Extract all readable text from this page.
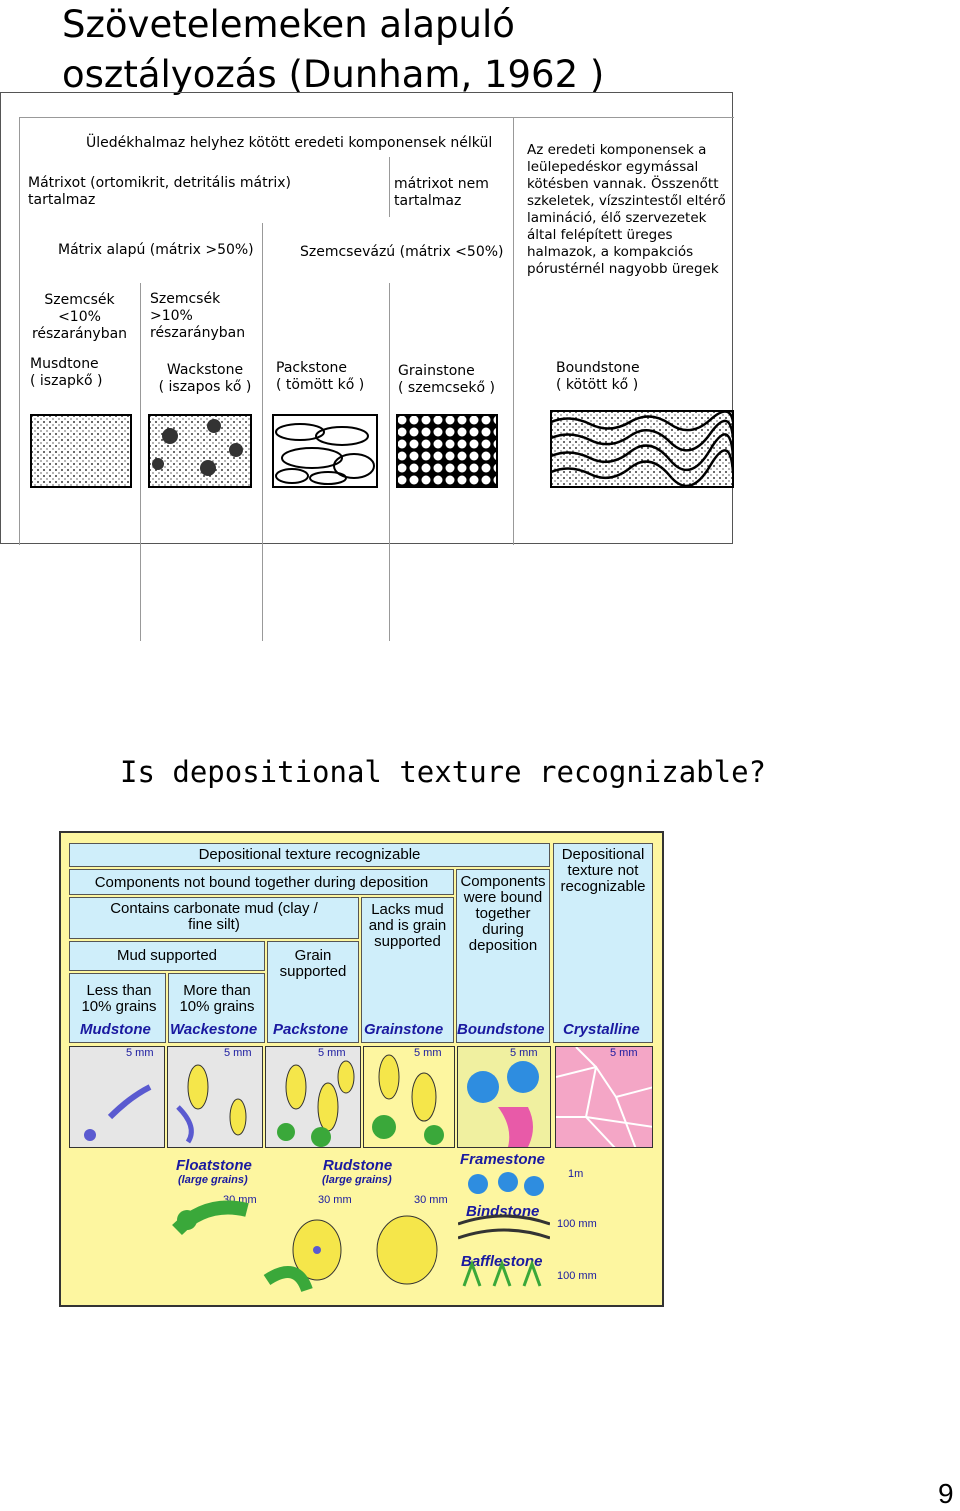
Szövetelemeken alapuló
osztályozás (Dunham, 1962 )
Üledékhalmaz helyhez kötött eredeti komponensek nélkül
Mátrixot (ortomikrit, detritális mátrix) tartalmaz
mátrixot nem tartalmaz
Az eredeti komponensek a leülepedéskor egymással kötésben vannak. Összenőtt szkeletek, vízszintestől eltérő lamináció, élő szervezetek által felépített üreges halmazok, a kompakciós pórustérnél nagyobb üregek
Mátrix alapú (mátrix >50%)	Szemcsevázú (mátrix <50%)
Szemcsék <10% részarányban
Szemcsék >10% részarányban
Musdtone
( iszapkő )
Wackstone
( iszapos kő )
Packstone
( tömött kő )
Grainstone
( szemcsekő )
Boundstone
( kötött kő )
Is depositional texture recognizable?
Depositional texture recognizable	Depositional texture not recognizable
Components not bound together during deposition	Components were bound together during deposition
Contains carbonate mud (clay / fine silt)
Lacks mud and is grain supported
Mud supported	Grain supported
Less than 10% grains
More than 10% grains
Mudstone Wackestone Packstone Grainstone Boundstone Crystalline
5 mm	5 mm	5 mm	5 mm	5 mm	5 mm
Floatstone
(large grains)
Rudstone
(large grains)
30 mm	30 mm	30 mm
Framestone
Bindstone
Bafflestone
1m
100 mm
100 mm
9
